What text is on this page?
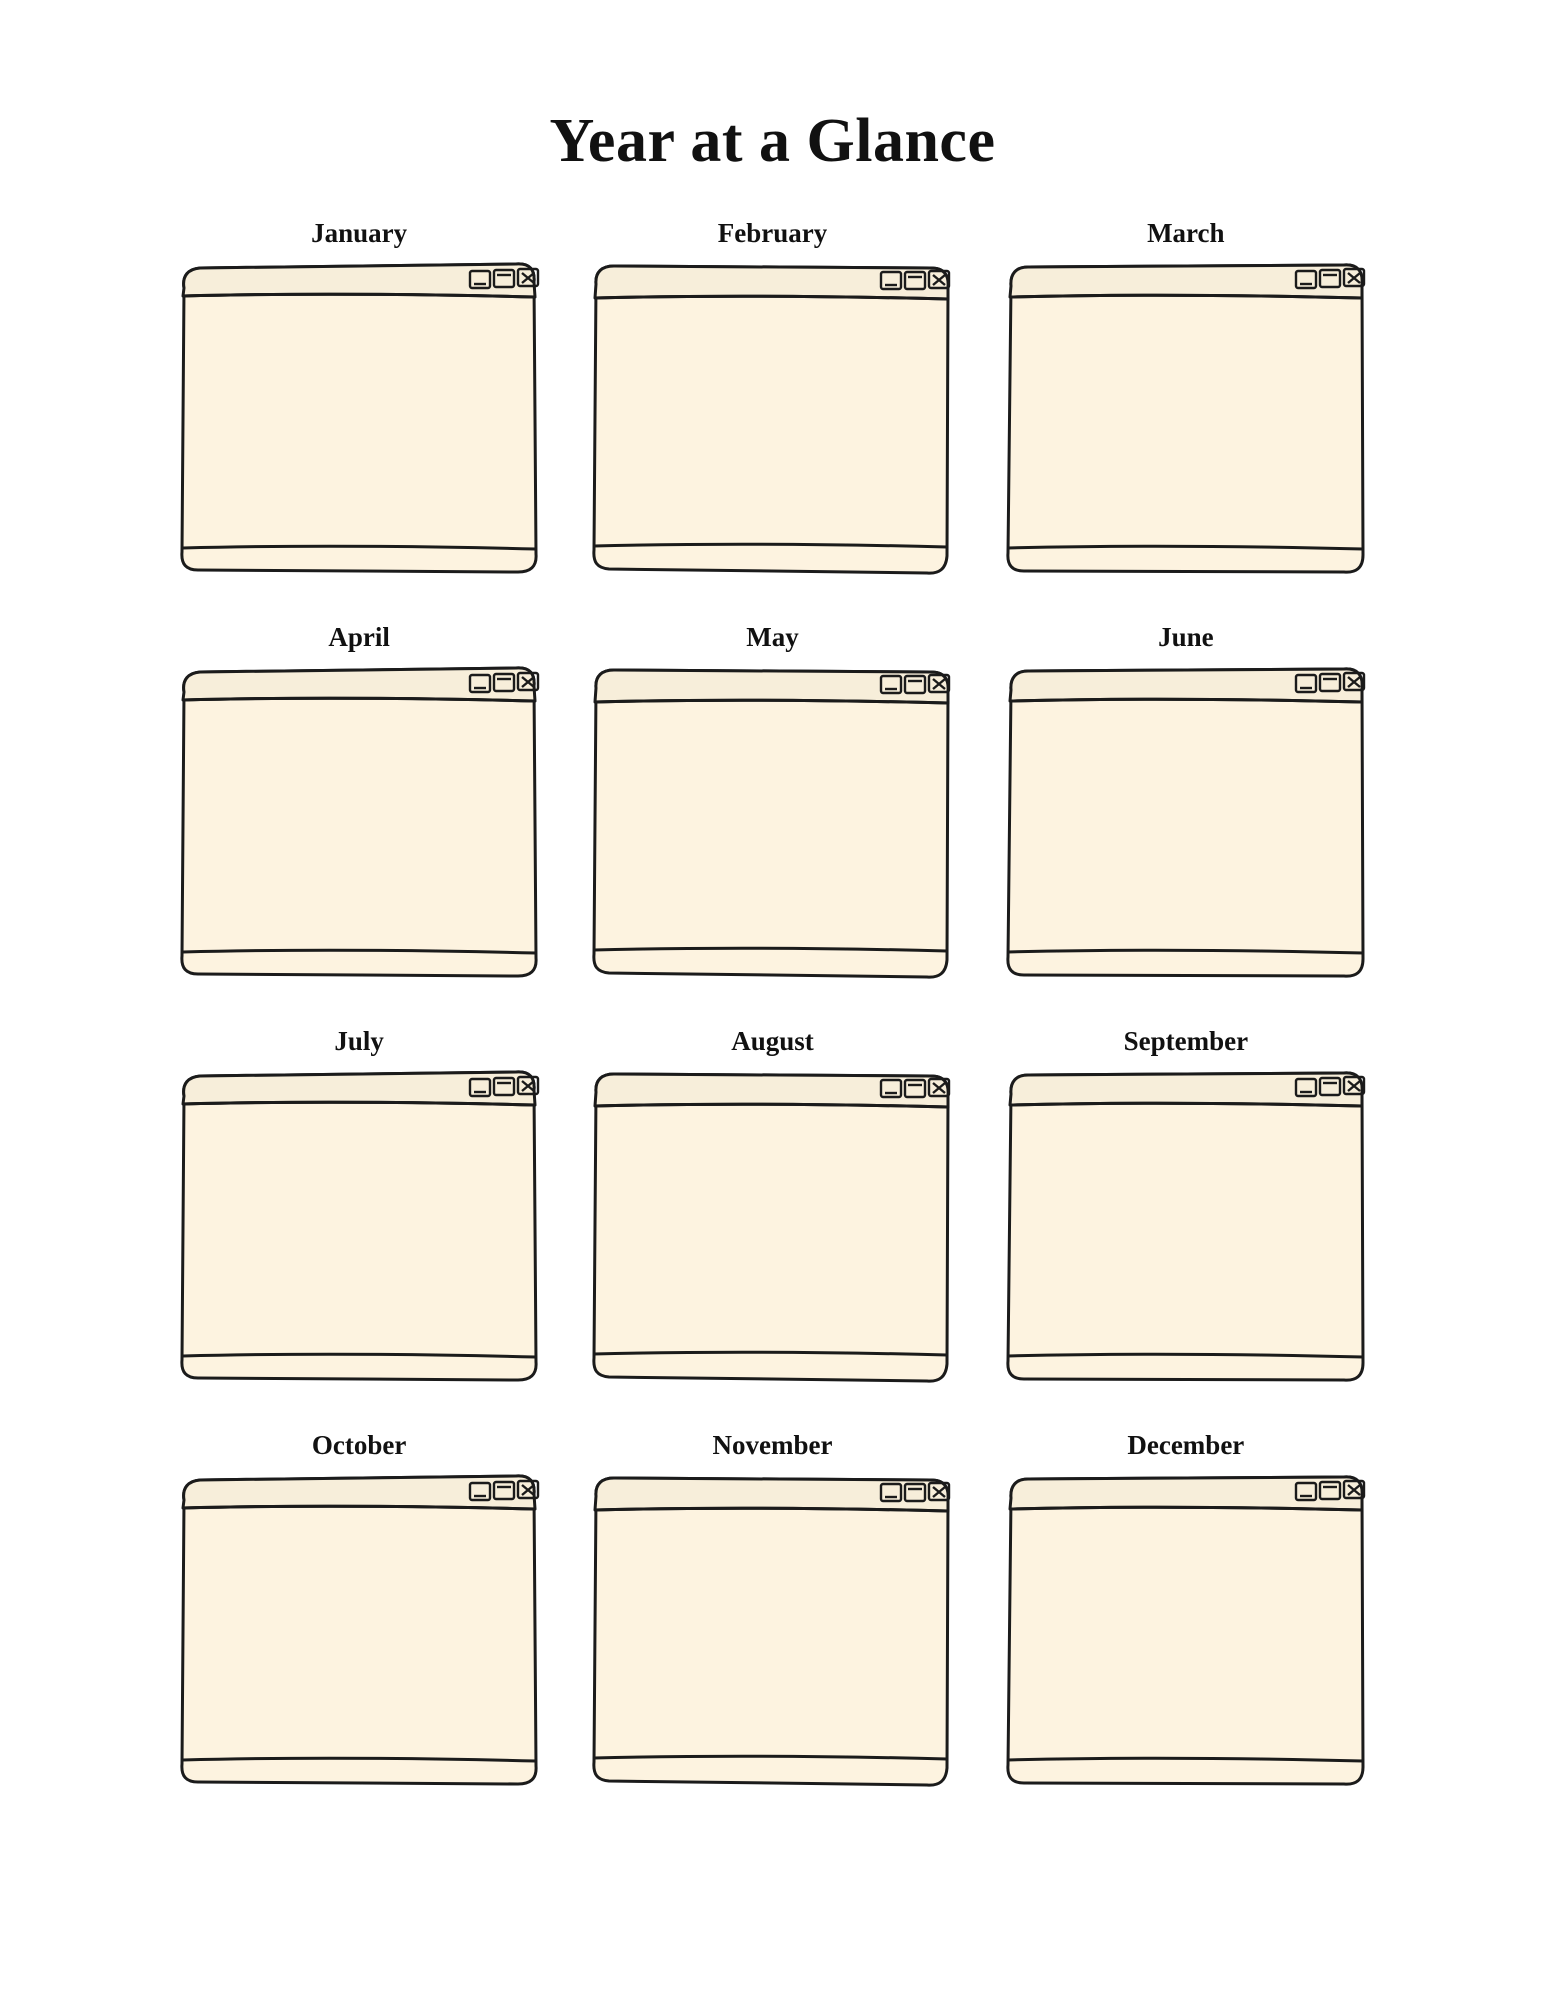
Year at a Glance
January	February	March
April	May	June
July	August	September
October	November	December
